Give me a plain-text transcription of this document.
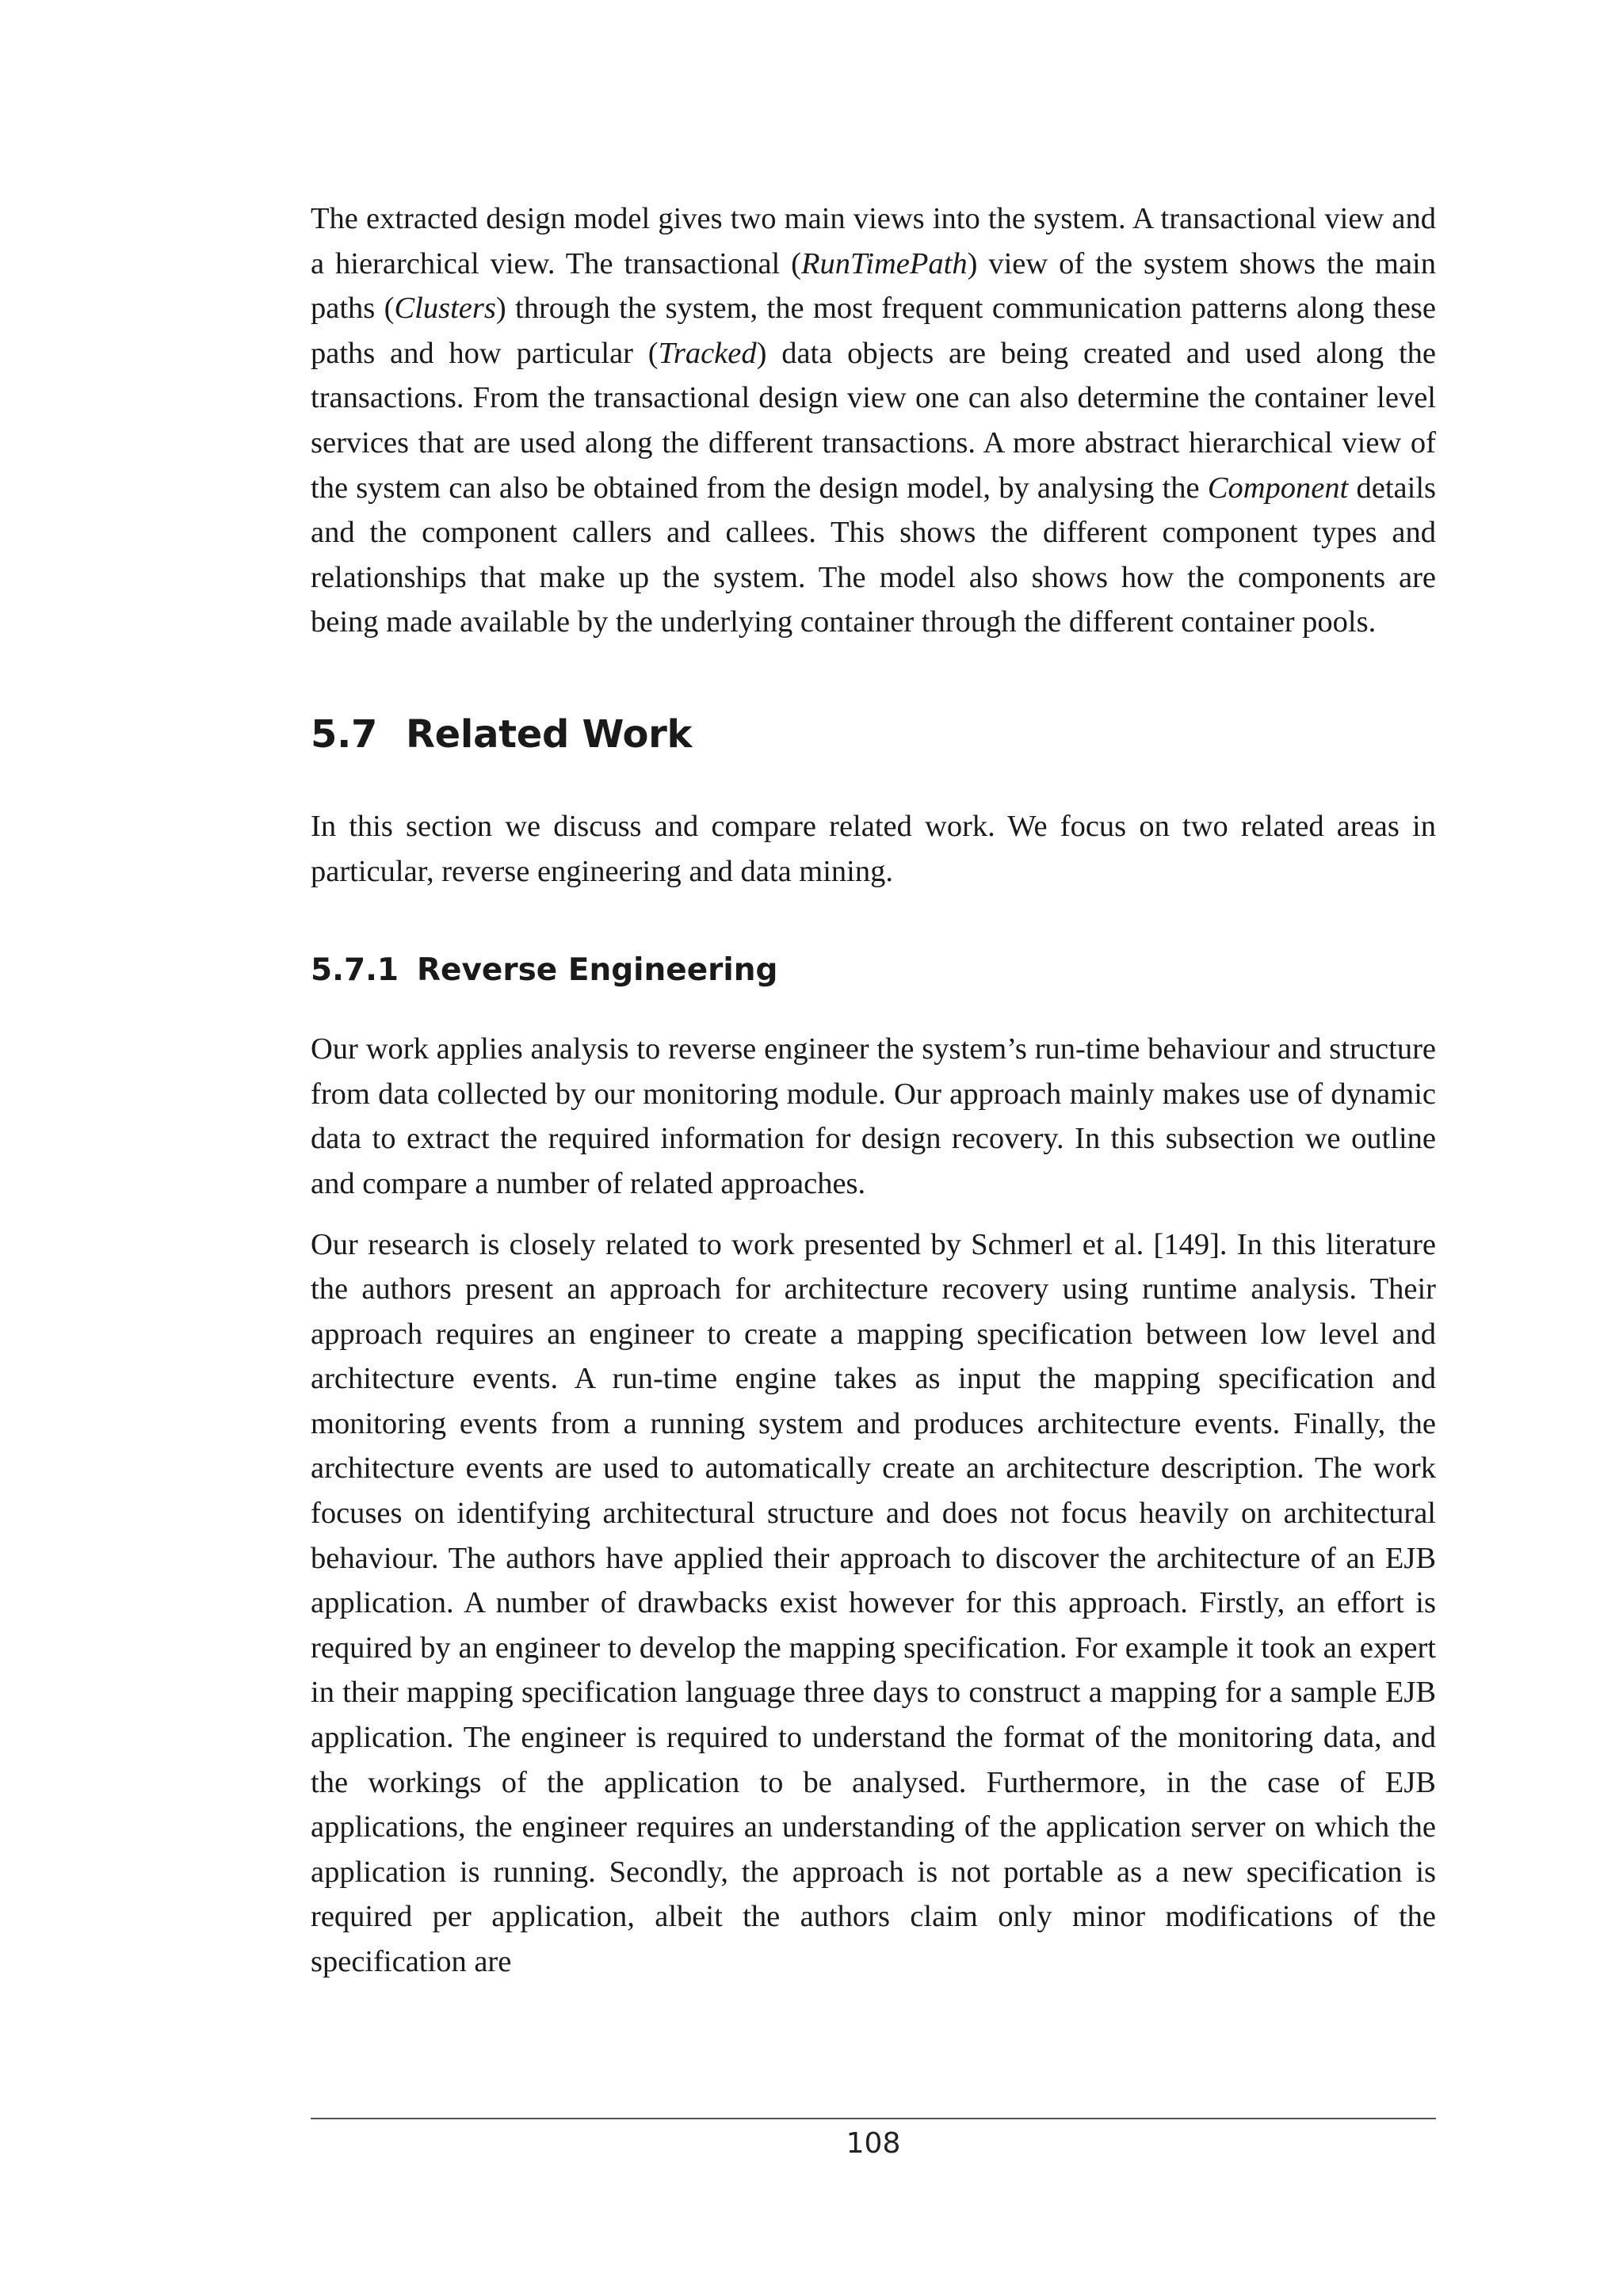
The extracted design model gives two main views into the system. A transactional view and a hierarchical view. The transactional (RunTimePath) view of the system shows the main paths (Clusters) through the system, the most frequent communication patterns along these paths and how particular (Tracked) data objects are being created and used along the transactions. From the transactional design view one can also determine the container level services that are used along the different transactions. A more abstract hierarchical view of the system can also be obtained from the design model, by analysing the Component details and the component callers and callees. This shows the different component types and relationships that make up the system. The model also shows how the components are being made available by the underlying container through the different container pools.

5.7 Related Work

In this section we discuss and compare related work. We focus on two related areas in particular, reverse engineering and data mining.

5.7.1 Reverse Engineering

Our work applies analysis to reverse engineer the system’s run-time behaviour and structure from data collected by our monitoring module. Our approach mainly makes use of dynamic data to extract the required information for design recovery. In this subsection we outline and compare a number of related approaches.

Our research is closely related to work presented by Schmerl et al. [149]. In this literature the authors present an approach for architecture recovery using runtime analysis. Their approach requires an engineer to create a mapping specification between low level and architecture events. A run-time engine takes as input the mapping specification and monitoring events from a running system and produces architecture events. Finally, the architecture events are used to automatically create an architecture description. The work focuses on identifying architectural structure and does not focus heavily on architectural behaviour. The authors have applied their approach to discover the architecture of an EJB application. A number of drawbacks exist however for this approach. Firstly, an effort is required by an engineer to develop the mapping specification. For example it took an expert in their mapping specification language three days to construct a mapping for a sample EJB application. The engineer is required to understand the format of the monitoring data, and the workings of the application to be analysed. Furthermore, in the case of EJB applications, the engineer requires an understanding of the application server on which the application is running. Secondly, the approach is not portable as a new specification is required per application, albeit the authors claim only minor modifications of the specification are

108
